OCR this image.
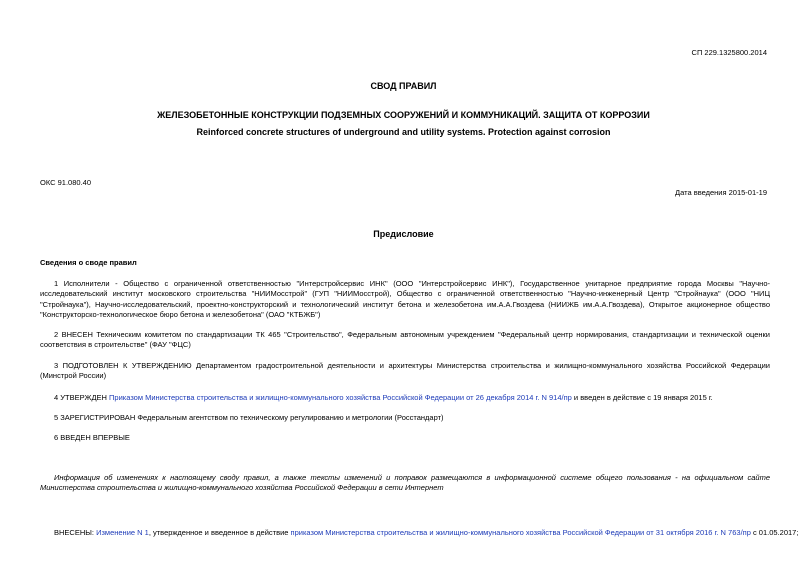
СП 229.1325800.2014
СВОД ПРАВИЛ
ЖЕЛЕЗОБЕТОННЫЕ КОНСТРУКЦИИ ПОДЗЕМНЫХ СООРУЖЕНИЙ И КОММУНИКАЦИЙ. ЗАЩИТА ОТ КОРРОЗИИ
Reinforced concrete structures of underground and utility systems. Protection against corrosion
ОКС 91.080.40
Дата введения 2015-01-19
Предисловие
Сведения о своде правил
1 Исполнители - Общество с ограниченной ответственностью "Интерстройсервис ИНК" (ООО "Интерстройсервис ИНК"), Государственное унитарное предприятие города Москвы "Научно-исследовательский институт московского строительства "НИИМосстрой" (ГУП "НИИМосстрой), Общество с ограниченной ответственностью "Научно-инженерный Центр "Стройнаука" (ООО "НИЦ "Стройнаука"), Научно-исследовательский, проектно-конструкторский и технологический институт бетона и железобетона им.А.А.Гвоздева (НИИЖБ им.А.А.Гвоздева), Открытое акционерное общество "Конструкторско-технологическое бюро бетона и железобетона" (ОАО "КТБЖБ")
2 ВНЕСЕН Техническим комитетом по стандартизации ТК 465 "Строительство", Федеральным автономным учреждением "Федеральный центр нормирования, стандартизации и технической оценки соответствия в строительстве" (ФАУ "ФЦС)
3 ПОДГОТОВЛЕН К УТВЕРЖДЕНИЮ Департаментом градостроительной деятельности и архитектуры Министерства строительства и жилищно-коммунального хозяйства Российской Федерации (Минстрой России)
4 УТВЕРЖДЕН Приказом Министерства строительства и жилищно-коммунального хозяйства Российской Федерации от 26 декабря 2014 г. N 914/пр и введен в действие с 19 января 2015 г.
5 ЗАРЕГИСТРИРОВАН Федеральным агентством по техническому регулированию и метрологии (Росстандарт)
6 ВВЕДЕН ВПЕРВЫЕ
Информация об изменениях к настоящему своду правил, а также тексты изменений и поправок размещаются в информационной системе общего пользования - на официальном сайте Министерства строительства и жилищно-коммунального хозяйства Российской Федерации в сети Интернет
ВНЕСЕНЫ: Изменение N 1, утвержденное и введенное в действие приказом Министерства строительства и жилищно-коммунального хозяйства Российской Федерации от 31 октября 2016 г. N 763/пр с 01.05.2017;
